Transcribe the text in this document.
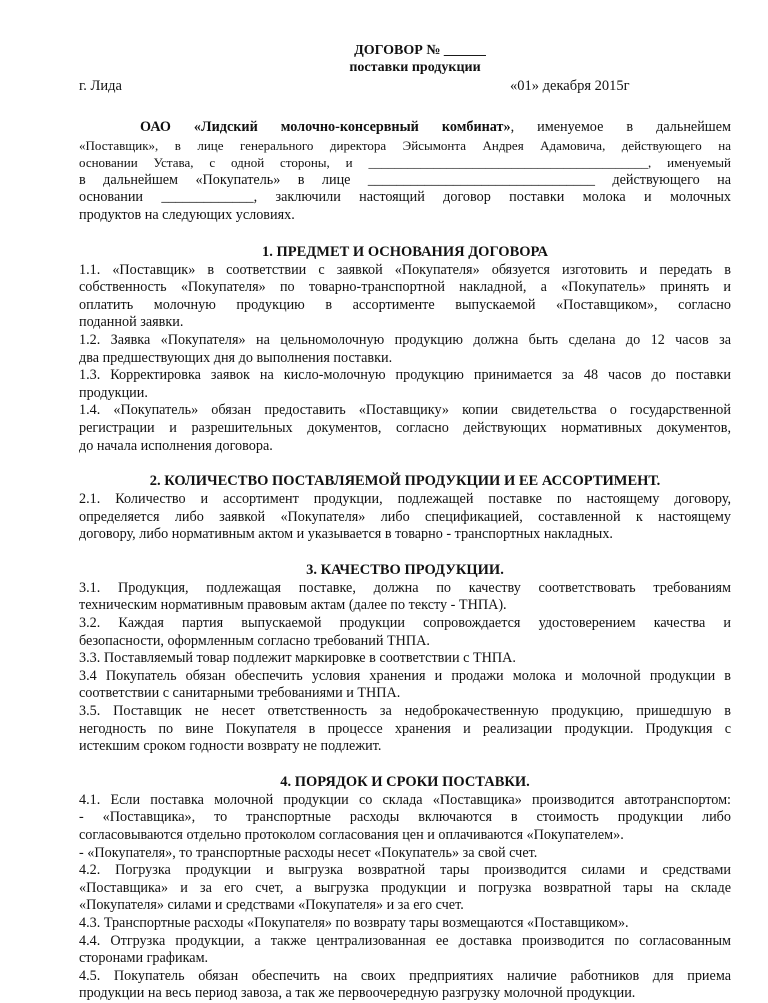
ДОГОВОР № ______
поставки продукции
г. Лида	«01» декабря 2015г
ОАО «Лидский молочно-консервный комбинат», именуемое в дальнейшем
«Поставщик», в лице генерального директора Эйсымонта Андрея Адамовича, действующего на
основании Устава, с одной стороны, и ___________________________________________, именуемый
в дальнейшем «Покупатель» в лице ________________________________ действующего на
основании _____________, заключили настоящий договор поставки молока и молочных
продуктов на следующих условиях.
1. ПРЕДМЕТ И ОСНОВАНИЯ ДОГОВОРА
1.1. «Поставщик» в соответствии с заявкой «Покупателя» обязуется изготовить и передать в
собственность «Покупателя» по товарно-транспортной накладной, а «Покупатель» принять и
оплатить молочную продукцию в ассортименте выпускаемой «Поставщиком», согласно
поданной заявки.
1.2. Заявка «Покупателя» на цельномолочную продукцию должна быть сделана до 12 часов за
два предшествующих дня до выполнения поставки.
1.3. Корректировка заявок на кисло-молочную продукцию принимается за 48 часов до поставки
продукции.
1.4. «Покупатель» обязан предоставить «Поставщику» копии свидетельства о государственной
регистрации и разрешительных документов, согласно действующих нормативных документов,
до начала исполнения договора.
2. КОЛИЧЕСТВО ПОСТАВЛЯЕМОЙ ПРОДУКЦИИ И ЕЕ АССОРТИМЕНТ.
2.1. Количество и ассортимент продукции, подлежащей поставке по настоящему договору,
определяется либо заявкой «Покупателя» либо спецификацией, составленной к настоящему
договору, либо нормативным актом и указывается в товарно - транспортных накладных.
3. КАЧЕСТВО ПРОДУКЦИИ.
3.1. Продукция, подлежащая поставке, должна по качеству соответствовать требованиям
техническим нормативным правовым актам (далее по тексту - ТНПА).
3.2. Каждая партия выпускаемой продукции сопровождается удостоверением качества и
безопасности, оформленным согласно требований ТНПА.
3.3. Поставляемый товар подлежит маркировке в соответствии с ТНПА.
3.4 Покупатель обязан обеспечить условия хранения и продажи молока и молочной продукции в
соответствии с санитарными требованиями и ТНПА.
3.5. Поставщик не несет ответственность за недоброкачественную продукцию, пришедшую в
негодность по вине Покупателя в процессе хранения и реализации продукции. Продукция с
истекшим сроком годности возврату не подлежит.
4. ПОРЯДОК И СРОКИ ПОСТАВКИ.
4.1. Если поставка молочной продукции со склада «Поставщика» производится автотранспортом:
- «Поставщика», то транспортные расходы включаются в стоимость продукции либо
согласовываются отдельно протоколом согласования цен и оплачиваются «Покупателем».
- «Покупателя», то транспортные расходы несет «Покупатель» за свой счет.
4.2. Погрузка продукции и выгрузка возвратной тары производится силами и средствами
«Поставщика» и за его счет, а выгрузка продукции и погрузка возвратной тары на складе
«Покупателя» силами и средствами «Покупателя» и за его счет.
4.3. Транспортные расходы «Покупателя» по возврату тары возмещаются «Поставщиком».
4.4. Отгрузка продукции, а также централизованная ее доставка производится по согласованным
сторонами графикам.
4.5. Покупатель обязан обеспечить на своих предприятиях наличие работников для приема
продукции на весь период завоза, а так же первоочередную разгрузку молочной продукции.
